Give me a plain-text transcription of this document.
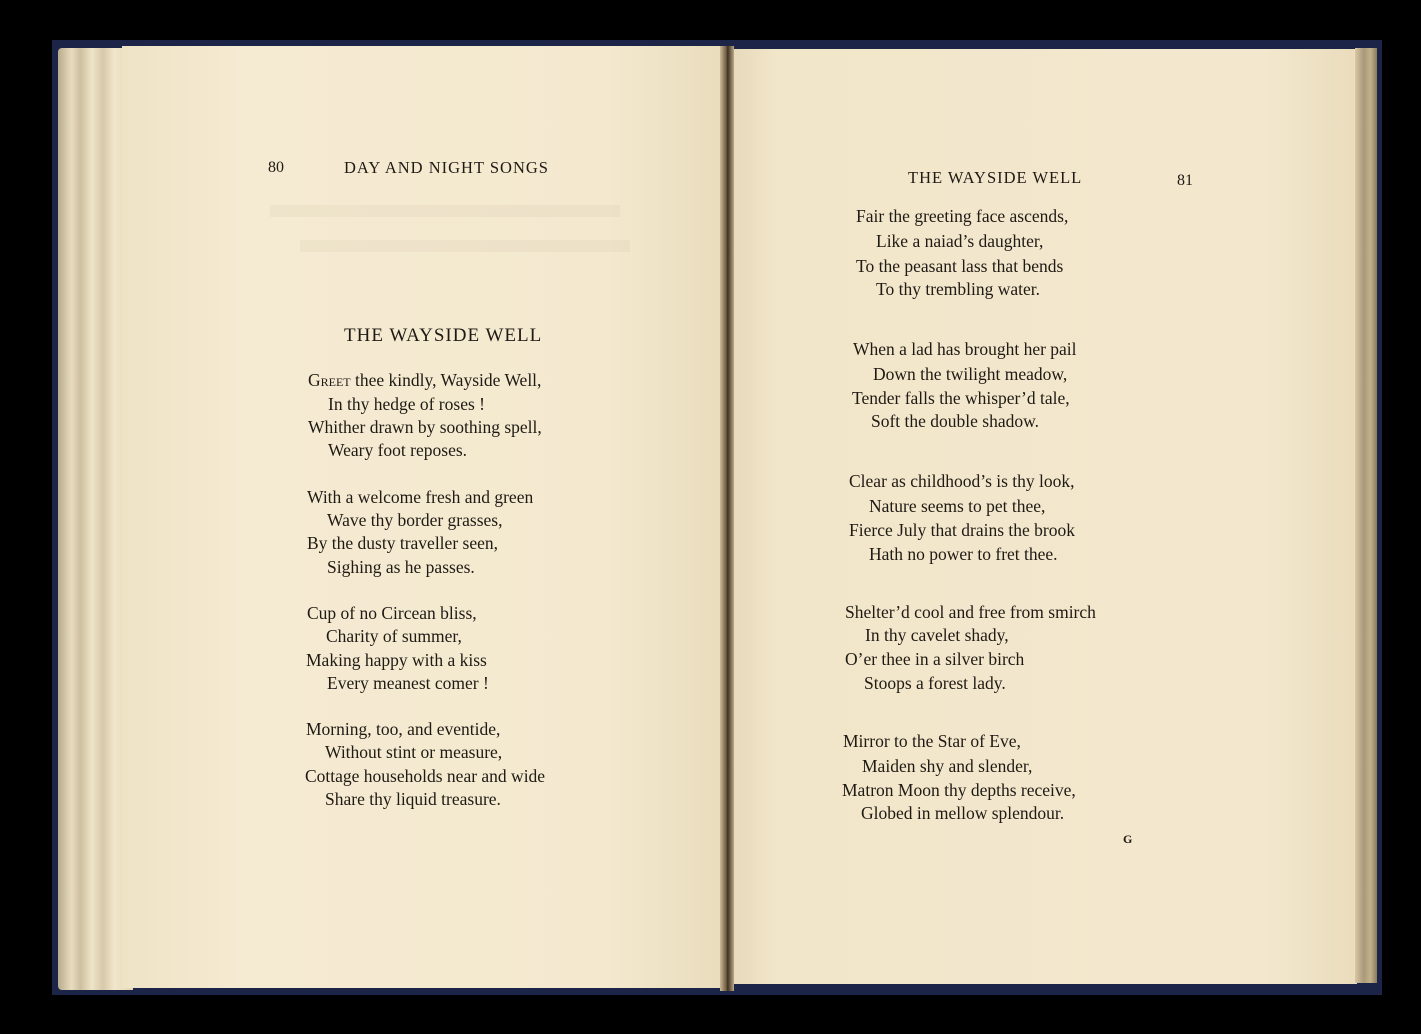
80	DAY AND NIGHT SONGS
THE WAYSIDE WELL
Greet thee kindly, Wayside Well,
In thy hedge of roses !
Whither drawn by soothing spell,
Weary foot reposes.
With a welcome fresh and green
Wave thy border grasses,
By the dusty traveller seen,
Sighing as he passes.
Cup of no Circean bliss,
Charity of summer,
Making happy with a kiss
Every meanest comer !
Morning, too, and eventide,
Without stint or measure,
Cottage households near and wide
Share thy liquid treasure.
THE WAYSIDE WELL	81
Fair the greeting face ascends,
Like a naiad’s daughter,
To the peasant lass that bends
To thy trembling water.
When a lad has brought her pail
Down the twilight meadow,
Tender falls the whisper’d tale,
Soft the double shadow.
Clear as childhood’s is thy look,
Nature seems to pet thee,
Fierce July that drains the brook
Hath no power to fret thee.
Shelter’d cool and free from smirch
In thy cavelet shady,
O’er thee in a silver birch
Stoops a forest lady.
Mirror to the Star of Eve,
Maiden shy and slender,
Matron Moon thy depths receive,
Globed in mellow splendour.
G
